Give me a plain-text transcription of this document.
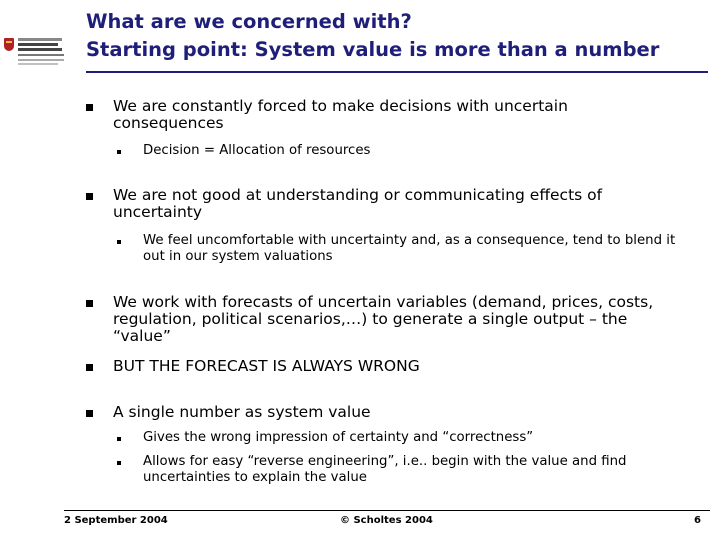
What are we concerned with?
Starting point: System value is more than a number
We are constantly forced to make decisions with uncertain consequences
Decision = Allocation of resources
We are not good at understanding or communicating effects of uncertainty
We feel uncomfortable with uncertainty and, as a consequence, tend to blend it out in our system valuations
We work with forecasts of uncertain variables (demand, prices, costs, regulation, political scenarios,…) to generate a single output – the “value”
BUT THE FORECAST IS ALWAYS WRONG
A single number as system value
Gives the wrong impression of certainty and “correctness”
Allows for easy “reverse engineering”, i.e.. begin with the value and find uncertainties to explain the value
2 September 2004	© Scholtes 2004	6
